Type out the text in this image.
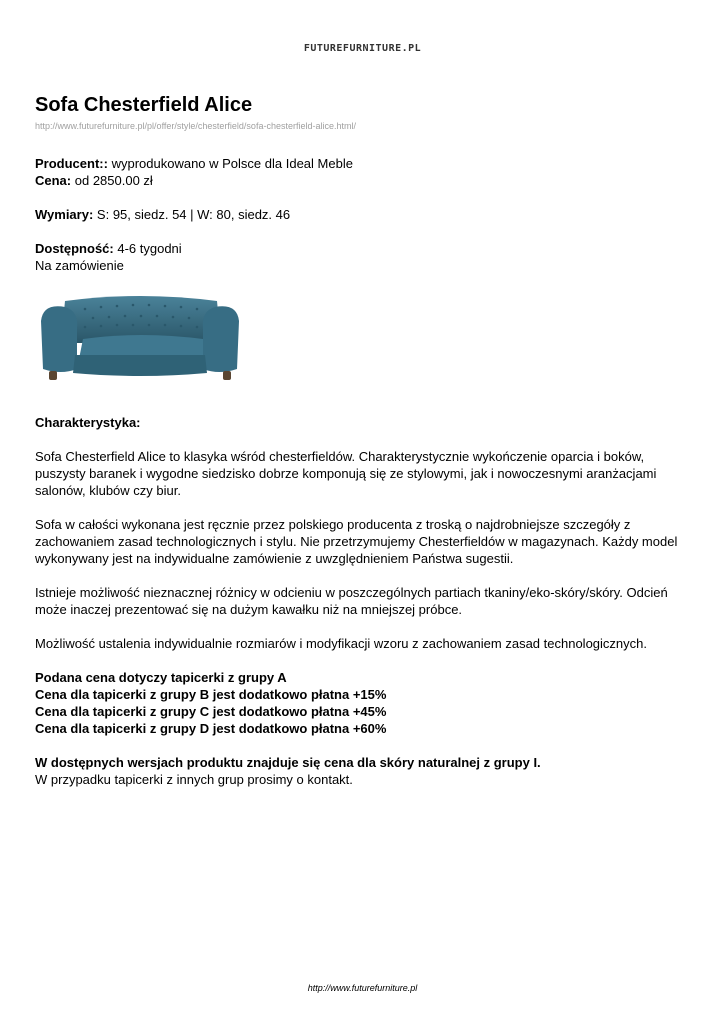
FUTUREFURNITURE.PL
Sofa Chesterfield Alice
http://www.futurefurniture.pl/pl/offer/style/chesterfield/sofa-chesterfield-alice.html/

Producent:: wyprodukowano w Polsce dla Ideal Meble

Cena: od 2850.00 zł

Wymiary: S: 95, siedz. 54 | W: 80, siedz. 46

Dostępność: 4-6 tygodni

Na zamówienie

Charakterystyka:

Sofa Chesterfield Alice to klasyka wśród chesterfieldów. Charakterystycznie wykończenie oparcia i boków, puszysty baranek i wygodne siedzisko dobrze komponują się ze stylowymi, jak i nowoczesnymi aranżacjami salonów, klubów czy biur.

Sofa w całości wykonana jest ręcznie przez polskiego producenta z troską o najdrobniejsze szczegóły z zachowaniem zasad technologicznych i stylu. Nie przetrzymujemy Chesterfieldów w magazynach. Każdy model wykonywany jest na indywidualne zamówienie z uwzględnieniem Państwa sugestii.

Istnieje możliwość nieznacznej różnicy w odcieniu w poszczególnych partiach tkaniny/eko-skóry/skóry. Odcień może inaczej prezentować się na dużym kawałku niż na mniejszej próbce.

Możliwość ustalenia indywidualnie rozmiarów i modyfikacji wzoru z zachowaniem zasad technologicznych.

Podana cena dotyczy tapicerki z grupy A

Cena dla tapicerki z grupy B jest dodatkowo płatna +15%

Cena dla tapicerki z grupy C jest dodatkowo płatna +45%

Cena dla tapicerki z grupy D jest dodatkowo płatna +60%

W dostępnych wersjach produktu znajduje się cena dla skóry naturalnej z grupy I.

W przypadku tapicerki z innych grup prosimy o kontakt.

http://www.futurefurniture.pl
